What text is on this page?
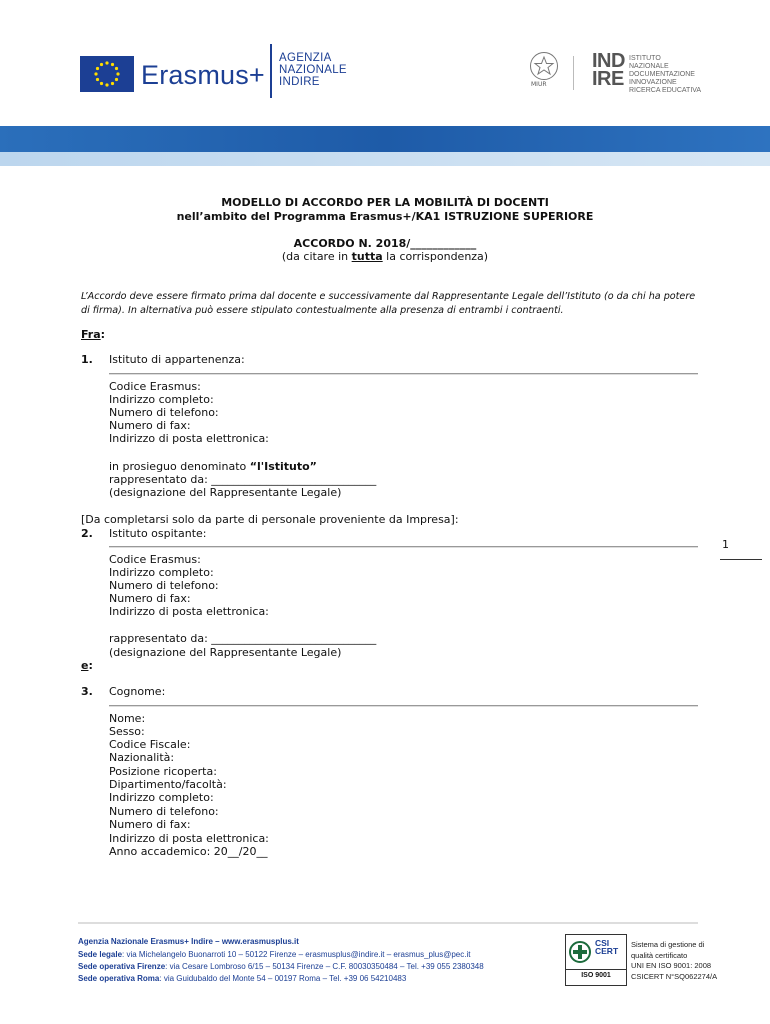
Erasmus+
AGENZIA
NAZIONALE
INDIRE	MIUR
IND
IRE
ISTITUTO
NAZIONALE
DOCUMENTAZIONE
INNOVAZIONE
RICERCA EDUCATIVA
MODELLO DI ACCORDO PER LA MOBILITÀ DI DOCENTI
nell’ambito del Programma Erasmus+/KA1 ISTRUZIONE SUPERIORE
ACCORDO N. 2018/____________
(da citare in tutta la corrispondenza)
L’Accordo deve essere firmato prima dal docente e successivamente dal Rappresentante Legale dell’Istituto (o da chi ha potere di firma). In alternativa può essere stipulato contestualmente alla presenza di entrambi i contraenti.
Fra:
1. Istituto di appartenenza:
Codice Erasmus:
Indirizzo completo:
Numero di telefono:
Numero di fax:
Indirizzo di posta elettronica:
in prosieguo denominato “l'Istituto”
rappresentato da: ______________________________
(designazione del Rappresentante Legale)
[Da completarsi solo da parte di personale proveniente da Impresa]:
2. Istituto ospitante:
Codice Erasmus:
Indirizzo completo:
Numero di telefono:
Numero di fax:
Indirizzo di posta elettronica:
rappresentato da: ______________________________
(designazione del Rappresentante Legale)
e:
1
3. Cognome:
Nome:
Sesso:
Codice Fiscale:
Nazionalità:
Posizione ricoperta:
Dipartimento/facoltà:
Indirizzo completo:
Numero di telefono:
Numero di fax:
Indirizzo di posta elettronica:
Anno accademico: 20__/20__
Agenzia Nazionale Erasmus+ Indire – www.erasmusplus.it
Sede legale: via Michelangelo Buonarroti 10 – 50122 Firenze – erasmusplus@indire.it – erasmus_plus@pec.it
Sede operativa Firenze: via Cesare Lombroso 6/15 – 50134 Firenze – C.F. 80030350484 – Tel. +39 055 2380348
Sede operativa Roma: via Guidubaldo del Monte 54 – 00197 Roma – Tel. +39 06 54210483
CSI CERT
ISO 9001
Sistema di gestione di
qualità certificato
UNI EN ISO 9001: 2008
CSICERT N°SQ062274/A
